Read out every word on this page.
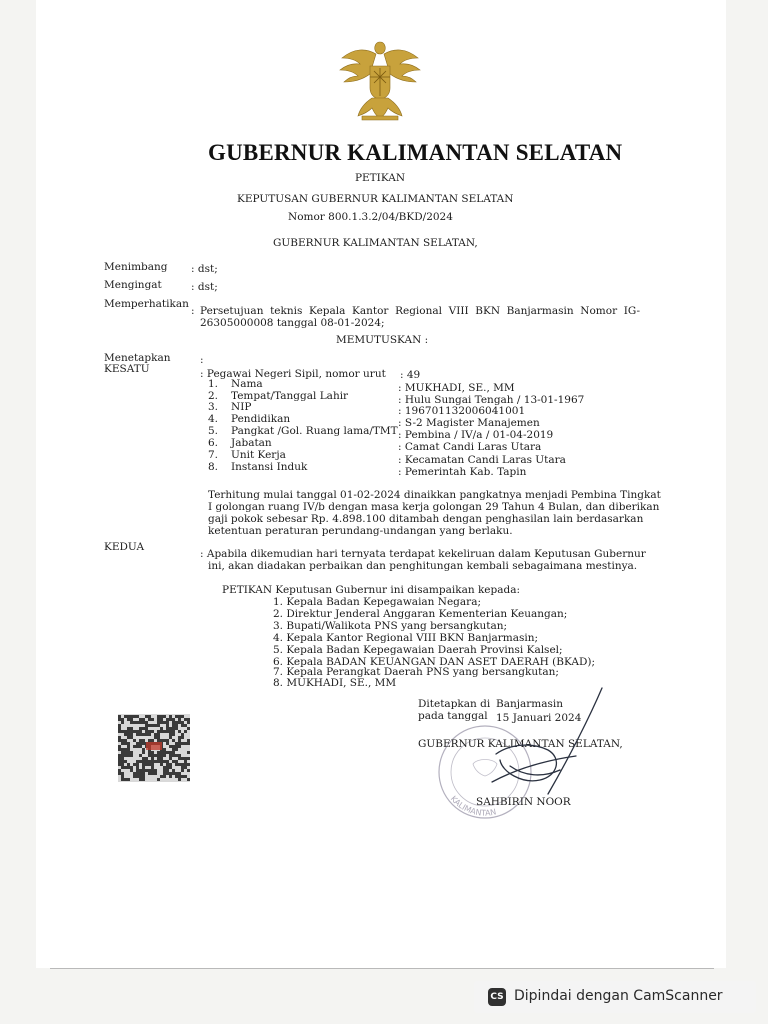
GUBERNUR KALIMANTAN SELATAN
PETIKAN
KEPUTUSAN GUBERNUR KALIMANTAN SELATAN
Nomor 800.1.3.2/04/BKD/2024
GUBERNUR KALIMANTAN SELATAN,
Menimbang : dst;
Mengingat	: dst;
Memperhatikan
: Persetujuan teknis Kepala Kantor Regional VIII BKN Banjarmasin Nomor IG-
26305000008 tanggal 08-01-2024;
MEMUTUSKAN :
Menetapkan	:
KESATU	: Pegawai Negeri Sipil, nomor urut : 49
1. Nama	: MUKHADI, SE., MM
2. Tempat/Tanggal Lahir	: Hulu Sungai Tengah / 13-01-1967
3. NIP	: 196701132006041001
4. Pendidikan	: S-2 Magister Manajemen
5. Pangkat /Gol. Ruang lama/TMT : Pembina / IV/a / 01-04-2019
6. Jabatan	: Camat Candi Laras Utara
7. Unit Kerja	: Kecamatan Candi Laras Utara
8. Instansi Induk	: Pemerintah Kab. Tapin
Terhitung mulai tanggal 01-02-2024 dinaikkan pangkatnya menjadi Pembina Tingkat
I golongan ruang IV/b dengan masa kerja golongan 29 Tahun 4 Bulan, dan diberikan
gaji pokok sebesar Rp. 4.898.100 ditambah dengan penghasilan lain berdasarkan
ketentuan peraturan perundang-undangan yang berlaku.
KEDUA
: Apabila dikemudian hari ternyata terdapat kekeliruan dalam Keputusan Gubernur
ini, akan diadakan perbaikan dan penghitungan kembali sebagaimana mestinya.
PETIKAN Keputusan Gubernur ini disampaikan kepada:
1. Kepala Badan Kepegawaian Negara;
2. Direktur Jenderal Anggaran Kementerian Keuangan;
3. Bupati/Walikota PNS yang bersangkutan;
4. Kepala Kantor Regional VIII BKN Banjarmasin;
5. Kepala Badan Kepegawaian Daerah Provinsi Kalsel;
6. Kepala BADAN KEUANGAN DAN ASET DAERAH (BKAD);
7. Kepala Perangkat Daerah PNS yang bersangkutan;
8. MUKHADI, SE., MM
KALIMANTAN
Ditetapkan di Banjarmasin
pada tanggal 15 Januari 2024
GUBERNUR KALIMANTAN SELATAN,
SAHBIRIN NOOR
CS Dipindai dengan CamScanner
